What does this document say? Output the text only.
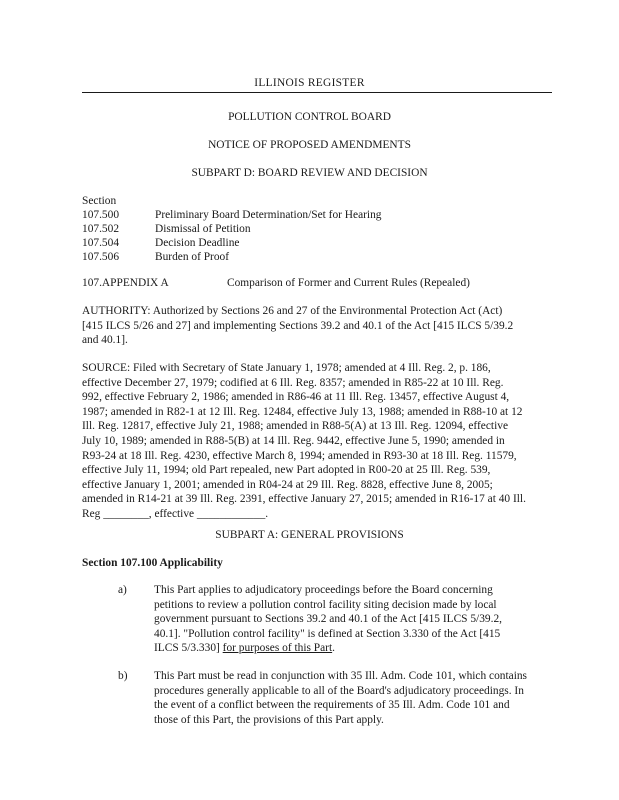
ILLINOIS REGISTER
POLLUTION CONTROL BOARD
NOTICE OF PROPOSED AMENDMENTS
SUBPART D: BOARD REVIEW AND DECISION
Section
107.500	Preliminary Board Determination/Set for Hearing
107.502	Dismissal of Petition
107.504	Decision Deadline
107.506	Burden of Proof
107.APPENDIX A	Comparison of Former and Current Rules (Repealed)
AUTHORITY: Authorized by Sections 26 and 27 of the Environmental Protection Act (Act)
[415 ILCS 5/26 and 27] and implementing Sections 39.2 and 40.1 of the Act [415 ILCS 5/39.2
and 40.1].
SOURCE: Filed with Secretary of State January 1, 1978; amended at 4 Ill. Reg. 2, p. 186,
effective December 27, 1979; codified at 6 Ill. Reg. 8357; amended in R85-22 at 10 Ill. Reg.
992, effective February 2, 1986; amended in R86-46 at 11 Ill. Reg. 13457, effective August 4,
1987; amended in R82-1 at 12 Ill. Reg. 12484, effective July 13, 1988; amended in R88-10 at 12
Ill. Reg. 12817, effective July 21, 1988; amended in R88-5(A) at 13 Ill. Reg. 12094, effective
July 10, 1989; amended in R88-5(B) at 14 Ill. Reg. 9442, effective June 5, 1990; amended in
R93-24 at 18 Ill. Reg. 4230, effective March 8, 1994; amended in R93-30 at 18 Ill. Reg. 11579,
effective July 11, 1994; old Part repealed, new Part adopted in R00-20 at 25 Ill. Reg. 539,
effective January 1, 2001; amended in R04-24 at 29 Ill. Reg. 8828, effective June 8, 2005;
amended in R14-21 at 39 Ill. Reg. 2391, effective January 27, 2015; amended in R16-17 at 40 Ill.
Reg ________, effective ____________.
SUBPART A: GENERAL PROVISIONS
Section 107.100 Applicability
a) This Part applies to adjudicatory proceedings before the Board concerning
petitions to review a pollution control facility siting decision made by local
government pursuant to Sections 39.2 and 40.1 of the Act [415 ILCS 5/39.2,
40.1]. "Pollution control facility" is defined at Section 3.330 of the Act [415
ILCS 5/3.330] for purposes of this Part.
b) This Part must be read in conjunction with 35 Ill. Adm. Code 101, which contains
procedures generally applicable to all of the Board's adjudicatory proceedings. In
the event of a conflict between the requirements of 35 Ill. Adm. Code 101 and
those of this Part, the provisions of this Part apply.
